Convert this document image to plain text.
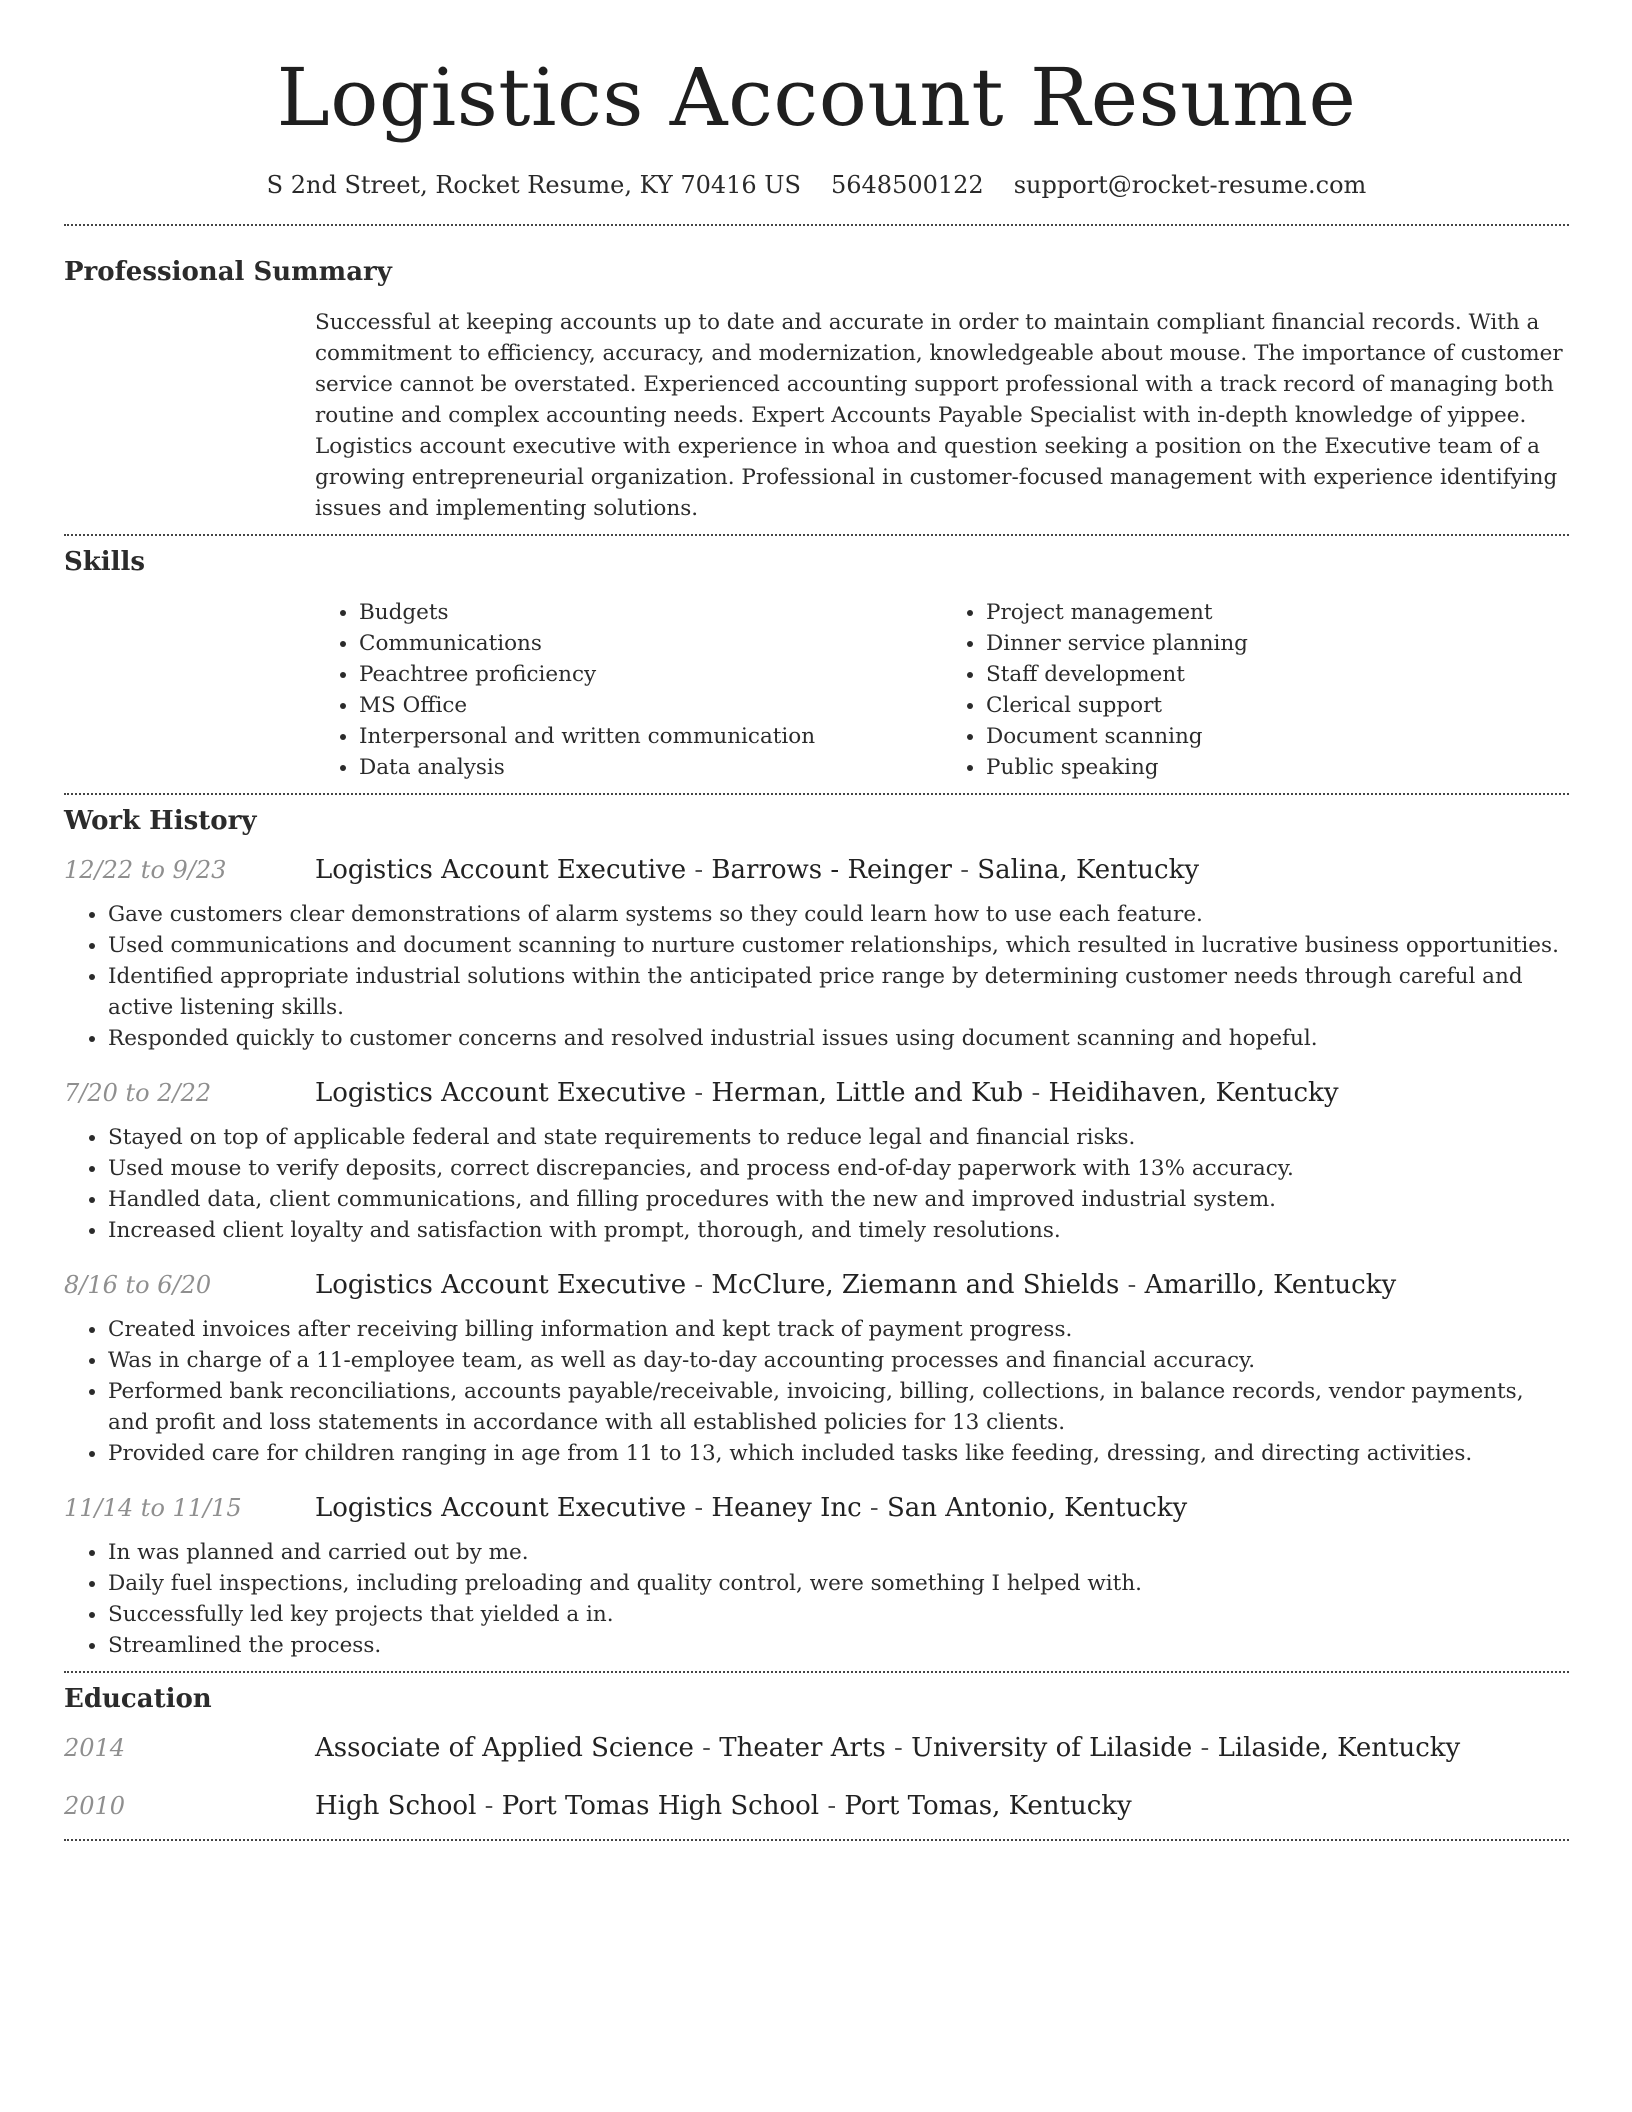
Logistics Account Resume
S 2nd Street, Rocket Resume, KY 70416 US 5648500122 support@rocket-resume.com
Professional Summary
Successful at keeping accounts up to date and accurate in order to maintain compliant financial records. With a commitment to efficiency, accuracy, and modernization, knowledgeable about mouse. The importance of customer service cannot be overstated. Experienced accounting support professional with a track record of managing both routine and complex accounting needs. Expert Accounts Payable Specialist with in-depth knowledge of yippee. Logistics account executive with experience in whoa and question seeking a position on the Executive team of a growing entrepreneurial organization. Professional in customer-focused management with experience identifying issues and implementing solutions.
Skills
• Budgets
• Communications
• Peachtree proficiency
• MS Office
• Interpersonal and written communication
• Data analysis
• Project management
• Dinner service planning
• Staff development
• Clerical support
• Document scanning
• Public speaking
Work History
12/22 to 9/23	Logistics Account Executive - Barrows - Reinger - Salina, Kentucky
• Gave customers clear demonstrations of alarm systems so they could learn how to use each feature.
• Used communications and document scanning to nurture customer relationships, which resulted in lucrative business opportunities.
• Identified appropriate industrial solutions within the anticipated price range by determining customer needs through careful and active listening skills.
• Responded quickly to customer concerns and resolved industrial issues using document scanning and hopeful.
7/20 to 2/22	Logistics Account Executive - Herman, Little and Kub - Heidihaven, Kentucky
• Stayed on top of applicable federal and state requirements to reduce legal and financial risks.
• Used mouse to verify deposits, correct discrepancies, and process end-of-day paperwork with 13% accuracy.
• Handled data, client communications, and filling procedures with the new and improved industrial system.
• Increased client loyalty and satisfaction with prompt, thorough, and timely resolutions.
8/16 to 6/20	Logistics Account Executive - McClure, Ziemann and Shields - Amarillo, Kentucky
• Created invoices after receiving billing information and kept track of payment progress.
• Was in charge of a 11-employee team, as well as day-to-day accounting processes and financial accuracy.
• Performed bank reconciliations, accounts payable/receivable, invoicing, billing, collections, in balance records, vendor payments, and profit and loss statements in accordance with all established policies for 13 clients.
• Provided care for children ranging in age from 11 to 13, which included tasks like feeding, dressing, and directing activities.
11/14 to 11/15	Logistics Account Executive - Heaney Inc - San Antonio, Kentucky
• In was planned and carried out by me.
• Daily fuel inspections, including preloading and quality control, were something I helped with.
• Successfully led key projects that yielded a in.
• Streamlined the process.
Education
2014	Associate of Applied Science - Theater Arts - University of Lilaside - Lilaside, Kentucky
2010	High School - Port Tomas High School - Port Tomas, Kentucky
